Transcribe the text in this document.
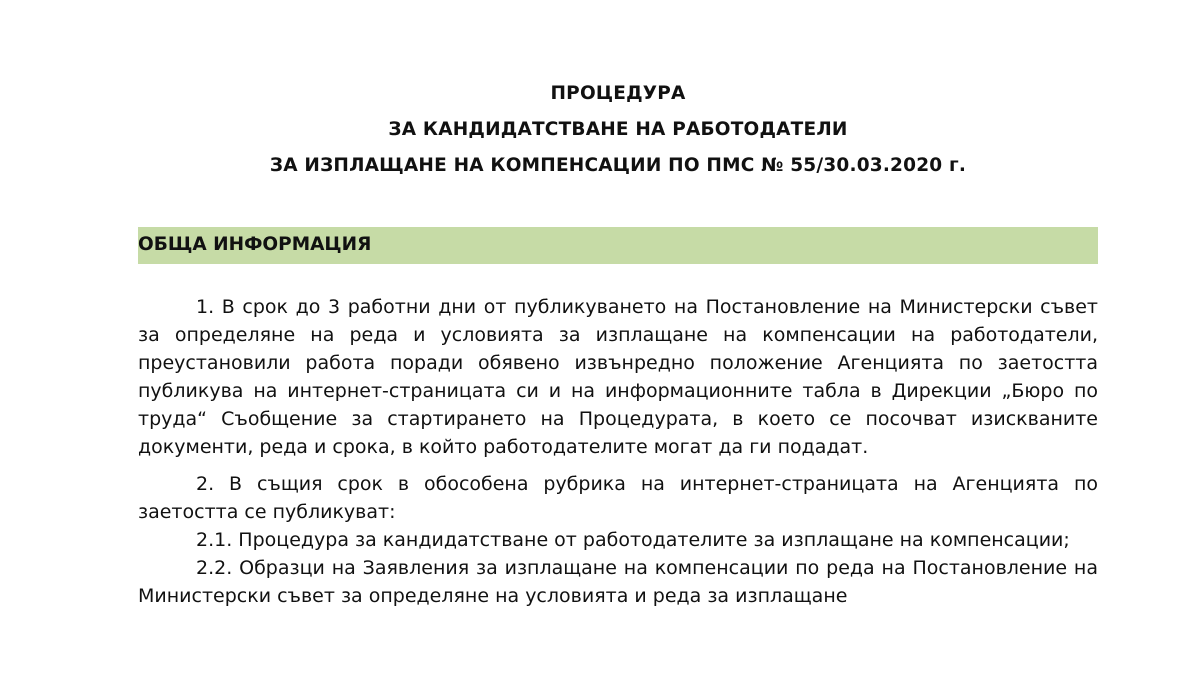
ПРОЦЕДУРА
ЗА КАНДИДАТСТВАНЕ НА РАБОТОДАТЕЛИ
ЗА ИЗПЛАЩАНЕ НА КОМПЕНСАЦИИ ПО ПМС № 55/30.03.2020 г.
ОБЩА ИНФОРМАЦИЯ

1. В срок до 3 работни дни от публикуването на Постановление на Министерски съвет за определяне на реда и условията за изплащане на компенсации на работодатели, преустановили работа поради обявено извънредно положение Агенцията по заетостта публикува на интернет-страницата си и на информационните табла в Дирекции „Бюро по труда“ Съобщение за стартирането на Процедурата, в което се посочват изискваните документи, реда и срока, в който работодателите могат да ги подадат.

2. В същия срок в обособена рубрика на интернет-страницата на Агенцията по заетостта се публикуват:

2.1. Процедура за кандидатстване от работодателите за изплащане на компенсации;

2.2. Образци на Заявления за изплащане на компенсации по реда на Постановление на Министерски съвет за определяне на условията и реда за изплащане
